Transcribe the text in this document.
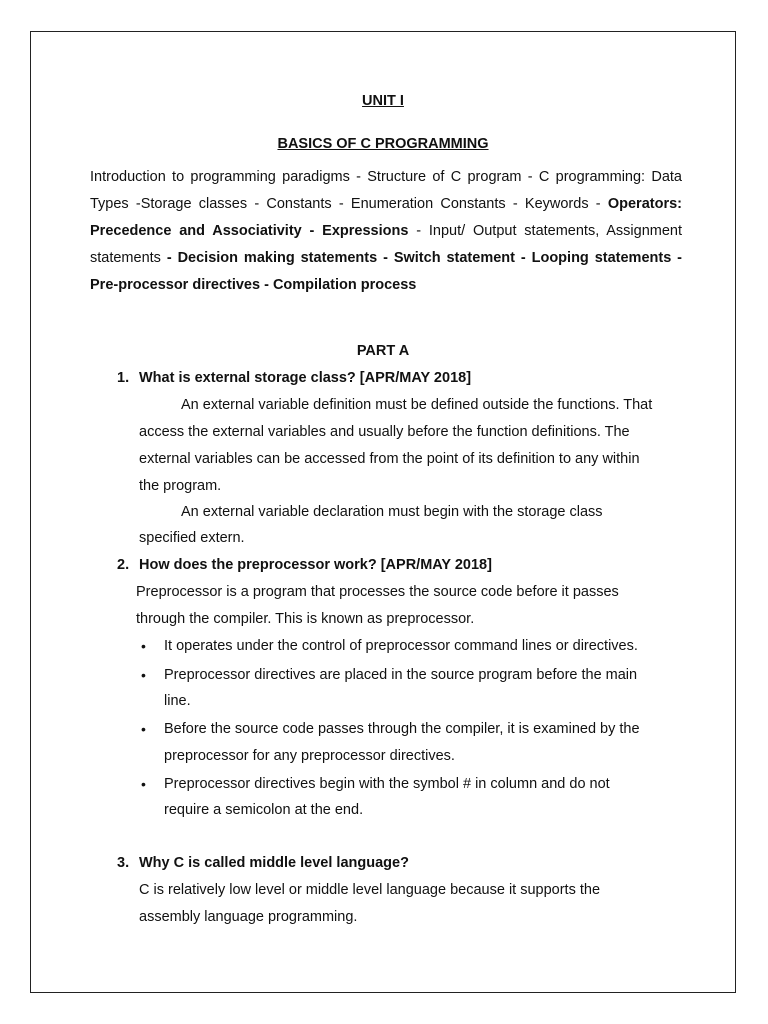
UNIT I

BASICS OF C PROGRAMMING

Introduction to programming paradigms - Structure of C program - C programming: Data Types -Storage classes - Constants - Enumeration Constants - Keywords - Operators: Precedence and Associativity - Expressions - Input/ Output statements, Assignment statements - Decision making statements - Switch statement - Looping statements - Pre-processor directives - Compilation process

PART A

1. What is external storage class? [APR/MAY 2018]

An external variable definition must be defined outside the functions. That

access the external variables and usually before the function definitions. The

external variables can be accessed from the point of its definition to any within

the program.

An external variable declaration must begin with the storage class

specified extern.

2. How does the preprocessor work? [APR/MAY 2018]

Preprocessor is a program that processes the source code before it passes

through the compiler. This is known as preprocessor.

• It operates under the control of preprocessor command lines or directives.

• Preprocessor directives are placed in the source program before the main

line.

• Before the source code passes through the compiler, it is examined by the

preprocessor for any preprocessor directives.

• Preprocessor directives begin with the symbol # in column and do not

require a semicolon at the end.

3. Why C is called middle level language?

C is relatively low level or middle level language because it supports the

assembly language programming.
